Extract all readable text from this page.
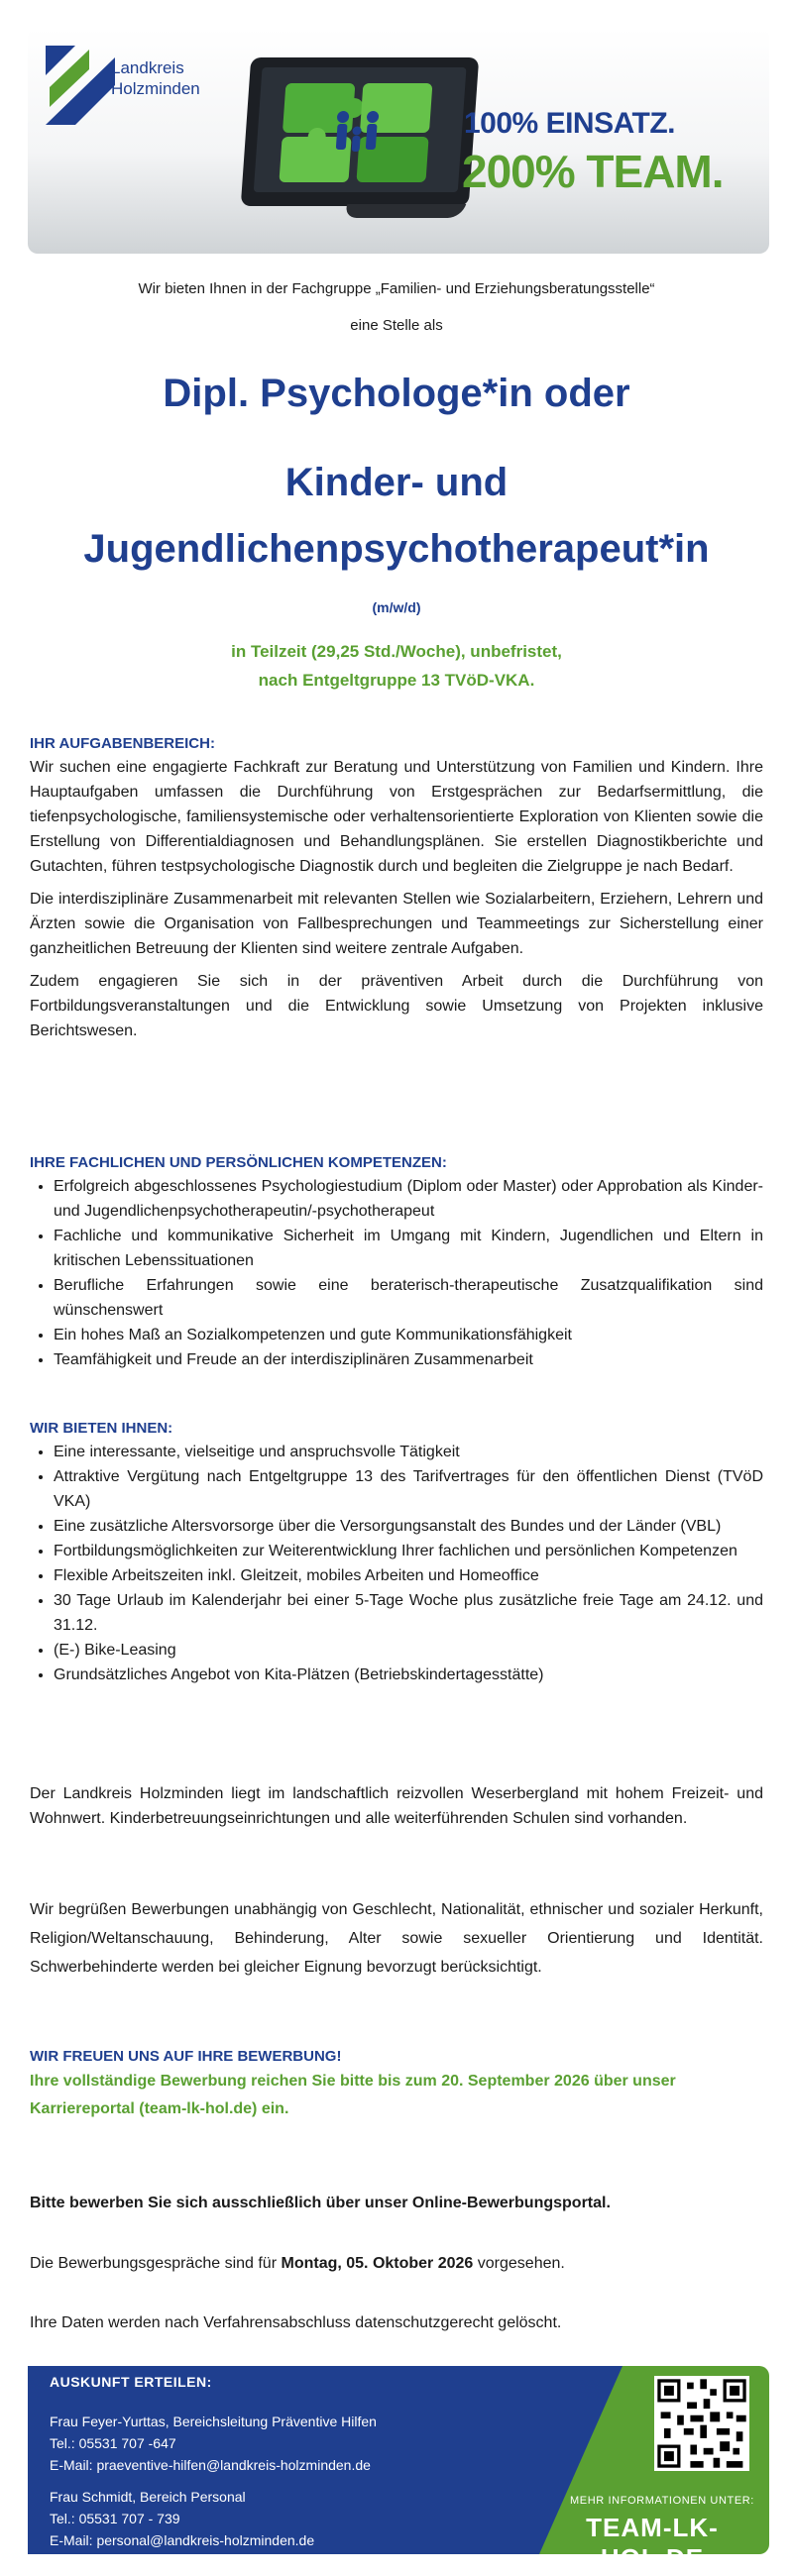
Landkreis
Holzminden
100% EINSATZ.
200% TEAM.
Wir bieten Ihnen in der Fachgruppe „Familien- und Erziehungsberatungsstelle“
eine Stelle als
Dipl. Psychologe*in oder
Kinder- und
Jugendlichenpsychotherapeut*in
(m/w/d)
in Teilzeit (29,25 Std./Woche), unbefristet,
nach Entgeltgruppe 13 TVöD-VKA.
IHR AUFGABENBEREICH:

Wir suchen eine engagierte Fachkraft zur Beratung und Unterstützung von Familien und Kindern. Ihre Hauptaufgaben umfassen die Durchführung von Erstgesprächen zur Bedarfsermittlung, die tiefenpsychologische, familiensystemische oder verhaltensorientierte Exploration von Klienten sowie die Erstellung von Differentialdiagnosen und Behandlungsplänen. Sie erstellen Diagnostikberichte und Gutachten, führen testpsychologische Diagnostik durch und begleiten die Zielgruppe je nach Bedarf.

Die interdisziplinäre Zusammenarbeit mit relevanten Stellen wie Sozialarbeitern, Erziehern, Lehrern und Ärzten sowie die Organisation von Fallbesprechungen und Teammeetings zur Sicherstellung einer ganzheitlichen Betreuung der Klienten sind weitere zentrale Aufgaben.

Zudem engagieren Sie sich in der präventiven Arbeit durch die Durchführung von Fortbildungsveranstaltungen und die Entwicklung sowie Umsetzung von Projekten inklusive Berichtswesen.

IHRE FACHLICHEN UND PERSÖNLICHEN KOMPETENZEN:
• Erfolgreich abgeschlossenes Psychologiestudium (Diplom oder Master) oder Approbation als Kinder- und Jugendlichenpsychotherapeutin/-psychotherapeut
• Fachliche und kommunikative Sicherheit im Umgang mit Kindern, Jugendlichen und Eltern in kritischen Lebenssituationen
• Berufliche Erfahrungen sowie eine beraterisch-therapeutische Zusatzqualifikation sind wünschenswert
• Ein hohes Maß an Sozialkompetenzen und gute Kommunikationsfähigkeit
• Teamfähigkeit und Freude an der interdisziplinären Zusammenarbeit
WIR BIETEN IHNEN:
• Eine interessante, vielseitige und anspruchsvolle Tätigkeit
• Attraktive Vergütung nach Entgeltgruppe 13 des Tarifvertrages für den öffentlichen Dienst (TVöD VKA)
• Eine zusätzliche Altersvorsorge über die Versorgungsanstalt des Bundes und der Länder (VBL)
• Fortbildungsmöglichkeiten zur Weiterentwicklung Ihrer fachlichen und persönlichen Kompetenzen
• Flexible Arbeitszeiten inkl. Gleitzeit, mobiles Arbeiten und Homeoffice
• 30 Tage Urlaub im Kalenderjahr bei einer 5-Tage Woche plus zusätzliche freie Tage am 24.12. und 31.12.
• (E-) Bike-Leasing
• Grundsätzliches Angebot von Kita-Plätzen (Betriebskindertagesstätte)

Der Landkreis Holzminden liegt im landschaftlich reizvollen Weserbergland mit hohem Freizeit- und Wohnwert. Kinderbetreuungseinrichtungen und alle weiterführenden Schulen sind vorhanden.

Wir begrüßen Bewerbungen unabhängig von Geschlecht, Nationalität, ethnischer und sozialer Herkunft, Religion/Weltanschauung, Behinderung, Alter sowie sexueller Orientierung und Identität. Schwerbehinderte werden bei gleicher Eignung bevorzugt berücksichtigt.

WIR FREUEN UNS AUF IHRE BEWERBUNG!
Ihre vollständige Bewerbung reichen Sie bitte bis zum 20. September 2026 über unser
Karriereportal (team-lk-hol.de) ein.
Bitte bewerben Sie sich ausschließlich über unser Online-Bewerbungsportal.
Die Bewerbungsgespräche sind für Montag, 05. Oktober 2026 vorgesehen.
Ihre Daten werden nach Verfahrensabschluss datenschutzgerecht gelöscht.
AUSKUNFT ERTEILEN:
Frau Feyer-Yurttas, Bereichsleitung Präventive Hilfen
Tel.: 05531 707 -647
E-Mail: praeventive-hilfen@landkreis-holzminden.de
Frau Schmidt, Bereich Personal
Tel.: 05531 707 - 739
E-Mail: personal@landkreis-holzminden.de
MEHR INFORMATIONEN UNTER:
TEAM-LK-HOL.DE
